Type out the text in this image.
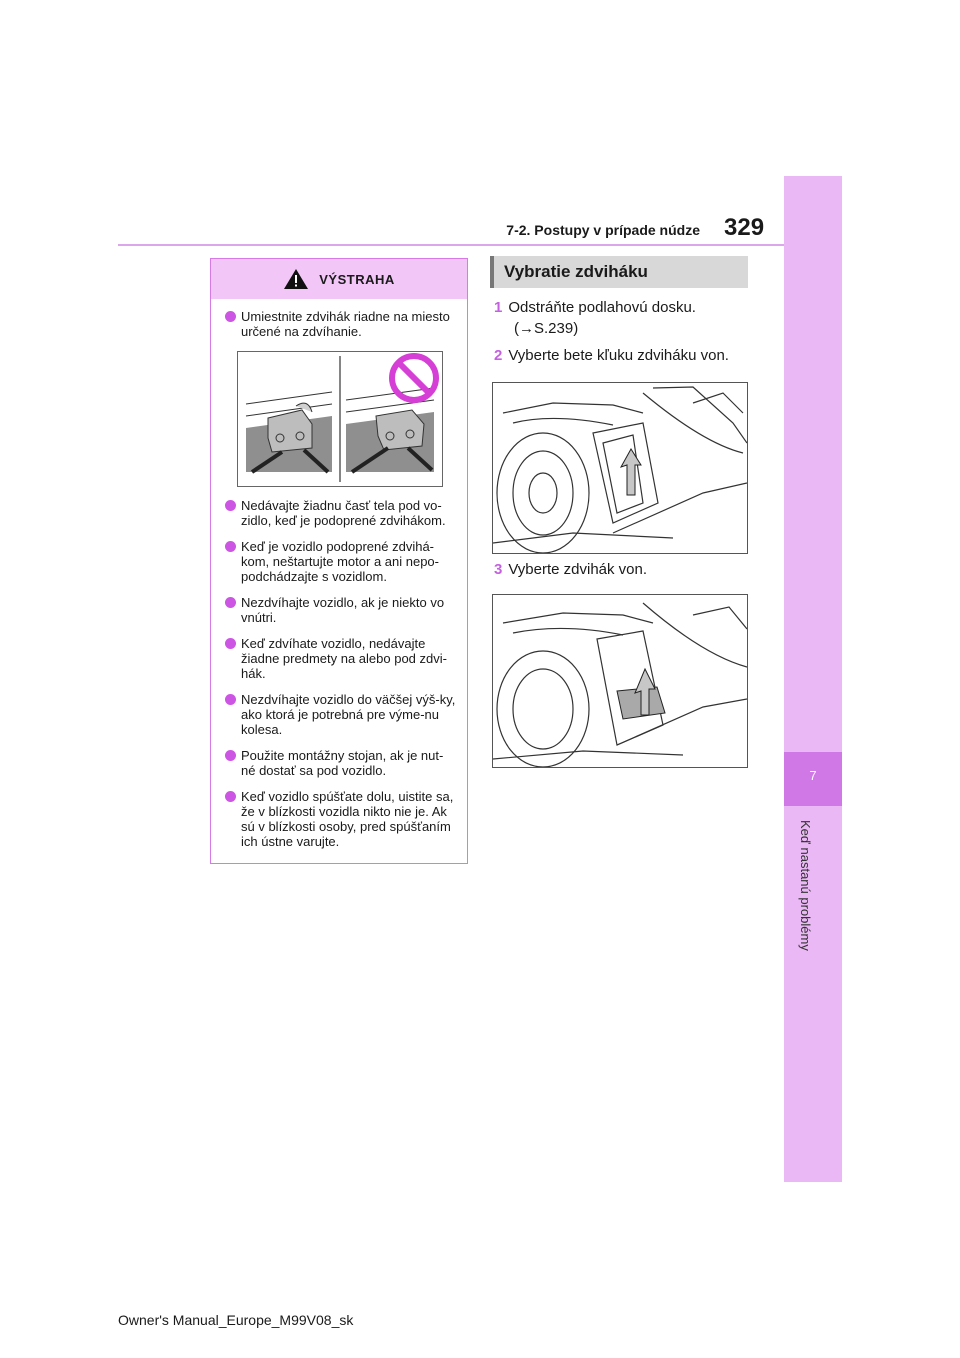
7
Keď nastanú problémy
7-2. Postupy v prípade núdze 329
VÝSTRAHA
Umiestnite zdvihák riadne na miesto určené na zdvíhanie.
Nedávajte žiadnu časť tela pod vo-zidlo, keď je podoprené zdvihákom.
Keď je vozidlo podoprené zdvihá-kom, neštartujte motor a ani nepo-podchádzajte s vozidlom.
Nezdvíhajte vozidlo, ak je niekto vo vnútri.
Keď zdvíhate vozidlo, nedávajte žiadne predmety na alebo pod zdvi-hák.
Nezdvíhajte vozidlo do väčšej výš-ky, ako ktorá je potrebná pre výme-nu kolesa.
Použite montážny stojan, ak je nut-né dostať sa pod vozidlo.
Keď vozidlo spúšťate dolu, uistite sa, že v blízkosti vozidla nikto nie je. Ak sú v blízkosti osoby, pred spúšťaním ich ústne varujte.
Vybratie zdviháku
1 Odstráňte podlahovú dosku.
(→S.239)
2 Vyberte bete kľuku zdviháku von.
3 Vyberte zdvihák von.
Owner's Manual_Europe_M99V08_sk
